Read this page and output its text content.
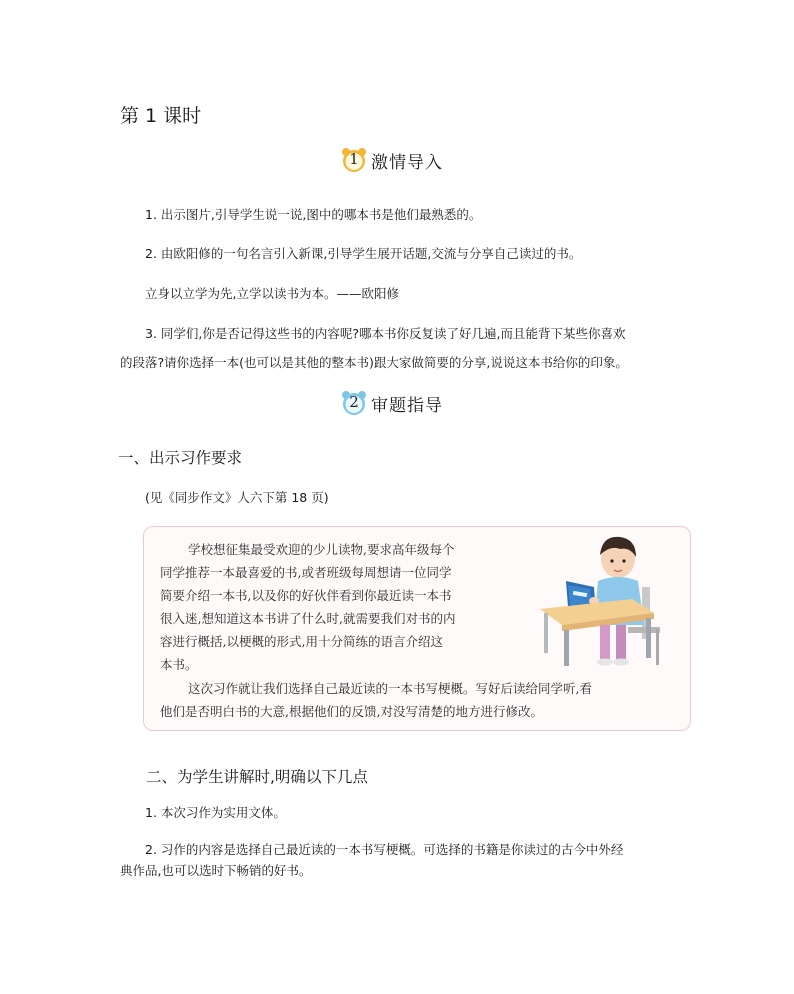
第 1 课时
1 激情导入
1. 出示图片,引导学生说一说,图中的哪本书是他们最熟悉的。
2. 由欧阳修的一句名言引入新课,引导学生展开话题,交流与分享自己读过的书。
立身以立学为先,立学以读书为本。——欧阳修
3. 同学们,你是否记得这些书的内容呢?哪本书你反复读了好几遍,而且能背下某些你喜欢
的段落?请你选择一本(也可以是其他的整本书)跟大家做简要的分享,说说这本书给你的印象。
2 审题指导
一、出示习作要求
(见《同步作文》人六下第 18 页)
学校想征集最受欢迎的少儿读物,要求高年级每个
同学推荐一本最喜爱的书,或者班级每周想请一位同学
简要介绍一本书,以及你的好伙伴看到你最近读一本书
很入迷,想知道这本书讲了什么时,就需要我们对书的内
容进行概括,以梗概的形式,用十分简练的语言介绍这
本书。
这次习作就让我们选择自己最近读的一本书写梗概。写好后读给同学听,看
他们是否明白书的大意,根据他们的反馈,对没写清楚的地方进行修改。
二、为学生讲解时,明确以下几点
1. 本次习作为实用文体。
2. 习作的内容是选择自己最近读的一本书写梗概。可选择的书籍是你读过的古今中外经
典作品,也可以选时下畅销的好书。
